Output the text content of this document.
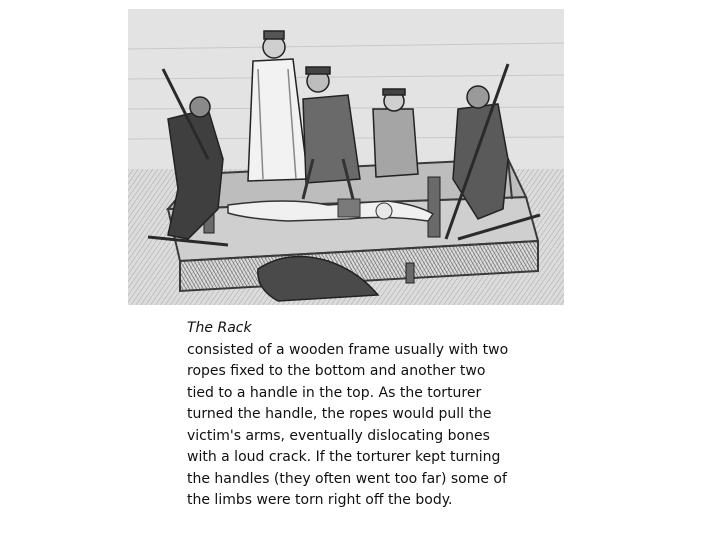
The Rack
consisted of a wooden frame usually with two
ropes fixed to the bottom and another two
tied to a handle in the top. As the torturer
turned the handle, the ropes would pull the
victim's arms, eventually dislocating bones
with a loud crack. If the torturer kept turning
the handles (they often went too far) some of
the limbs were torn right off the body.
